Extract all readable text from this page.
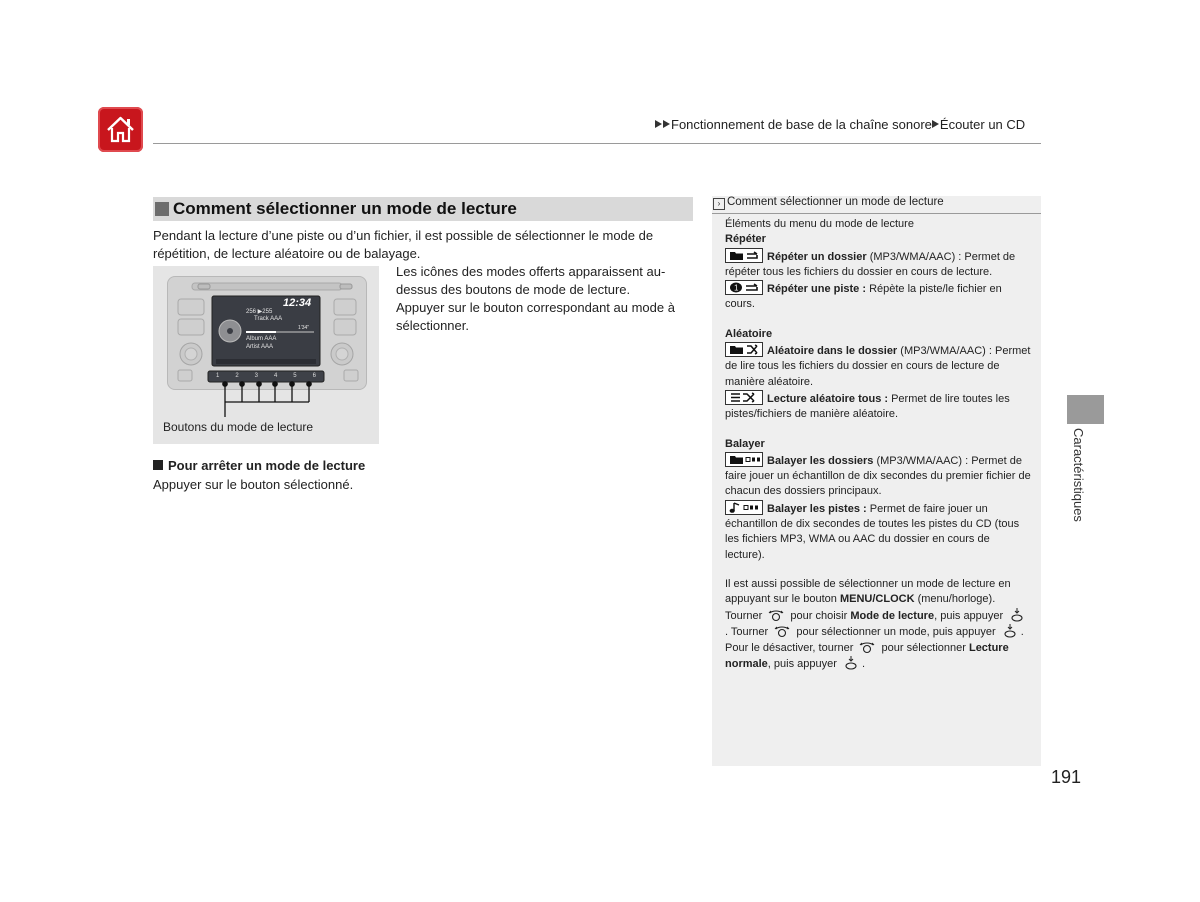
Fonctionnement de base de la chaîne sonore Écouter un CD
Comment sélectionner un mode de lecture
Pendant la lecture d’une piste ou d’un fichier, il est possible de sélectionner le mode de répétition, de lecture aléatoire ou de balayage.
12:34
256 ▶255
Track AAA
1'34"
Album AAA
Artist AAA
1	2	3	4	5	6
Boutons du mode de lecture
Les icônes des modes offerts apparaissent au-dessus des boutons de mode de lecture.
Appuyer sur le bouton correspondant au mode à sélectionner.
Pour arrêter un mode de lecture
Appuyer sur le bouton sélectionné.
› Comment sélectionner un mode de lecture

Éléments du menu du mode de lecture

Répéter

Répéter un dossier (MP3/WMA/AAC) : Permet de répéter tous les fichiers du dossier en cours de lecture.

1	Répéter une piste : Répète la piste/le fichier en cours.

Aléatoire

Aléatoire dans le dossier (MP3/WMA/AAC) : Permet de lire tous les fichiers du dossier en cours de lecture de manière aléatoire.

Lecture aléatoire tous : Permet de lire toutes les pistes/fichiers de manière aléatoire.

Balayer

Balayer les dossiers (MP3/WMA/AAC) : Permet de faire jouer un échantillon de dix secondes du premier fichier de chacun des dossiers principaux.

Balayer les pistes : Permet de faire jouer un échantillon de dix secondes de toutes les pistes du CD (tous les fichiers MP3, WMA ou AAC du dossier en cours de lecture).

Il est aussi possible de sélectionner un mode de lecture en appuyant sur le bouton MENU/CLOCK (menu/horloge). Tourner  pour choisir Mode de lecture, puis appuyer . Tourner  pour sélectionner un mode, puis appuyer .

Pour le désactiver, tourner  pour sélectionner Lecture normale, puis appuyer .

Caractéristiques
191
